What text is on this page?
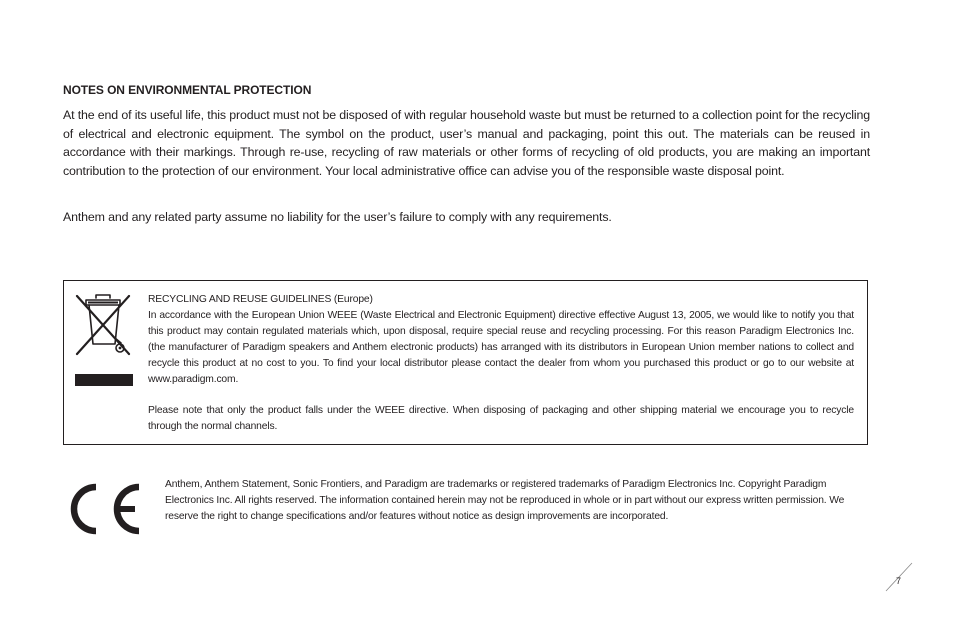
NOTES ON ENVIRONMENTAL PROTECTION

At the end of its useful life, this product must not be disposed of with regular household waste but must be returned to a collection point for the recycling of electrical and electronic equipment. The symbol on the product, user’s manual and packaging, point this out. The materials can be reused in accordance with their markings. Through re-use, recycling of raw materials or other forms of recycling of old products, you are making an important contribution to the protection of our environment. Your local administrative office can advise you of the responsible waste disposal point.

Anthem and any related party assume no liability for the user’s failure to comply with any requirements.

RECYCLING AND REUSE GUIDELINES (Europe)

In accordance with the European Union WEEE (Waste Electrical and Electronic Equipment) directive effective August 13, 2005, we would like to notify you that this product may contain regulated materials which, upon disposal, require special reuse and recycling processing. For this reason Paradigm Electronics Inc. (the manufacturer of Paradigm speakers and Anthem electronic products) has arranged with its distributors in European Union member nations to collect and recycle this product at no cost to you. To find your local distributor please contact the dealer from whom you purchased this product or go to our website at www.paradigm.com.

Please note that only the product falls under the WEEE directive. When disposing of packaging and other shipping material we encourage you to recycle through the normal channels.

Anthem, Anthem Statement, Sonic Frontiers, and Paradigm are trademarks or registered trademarks of Paradigm Electronics Inc. Copyright Paradigm Electronics Inc. All rights reserved. The information contained herein may not be reproduced in whole or in part without our express written permission. We reserve the right to change specifications and/or features without notice as design improvements are incorporated.

7
